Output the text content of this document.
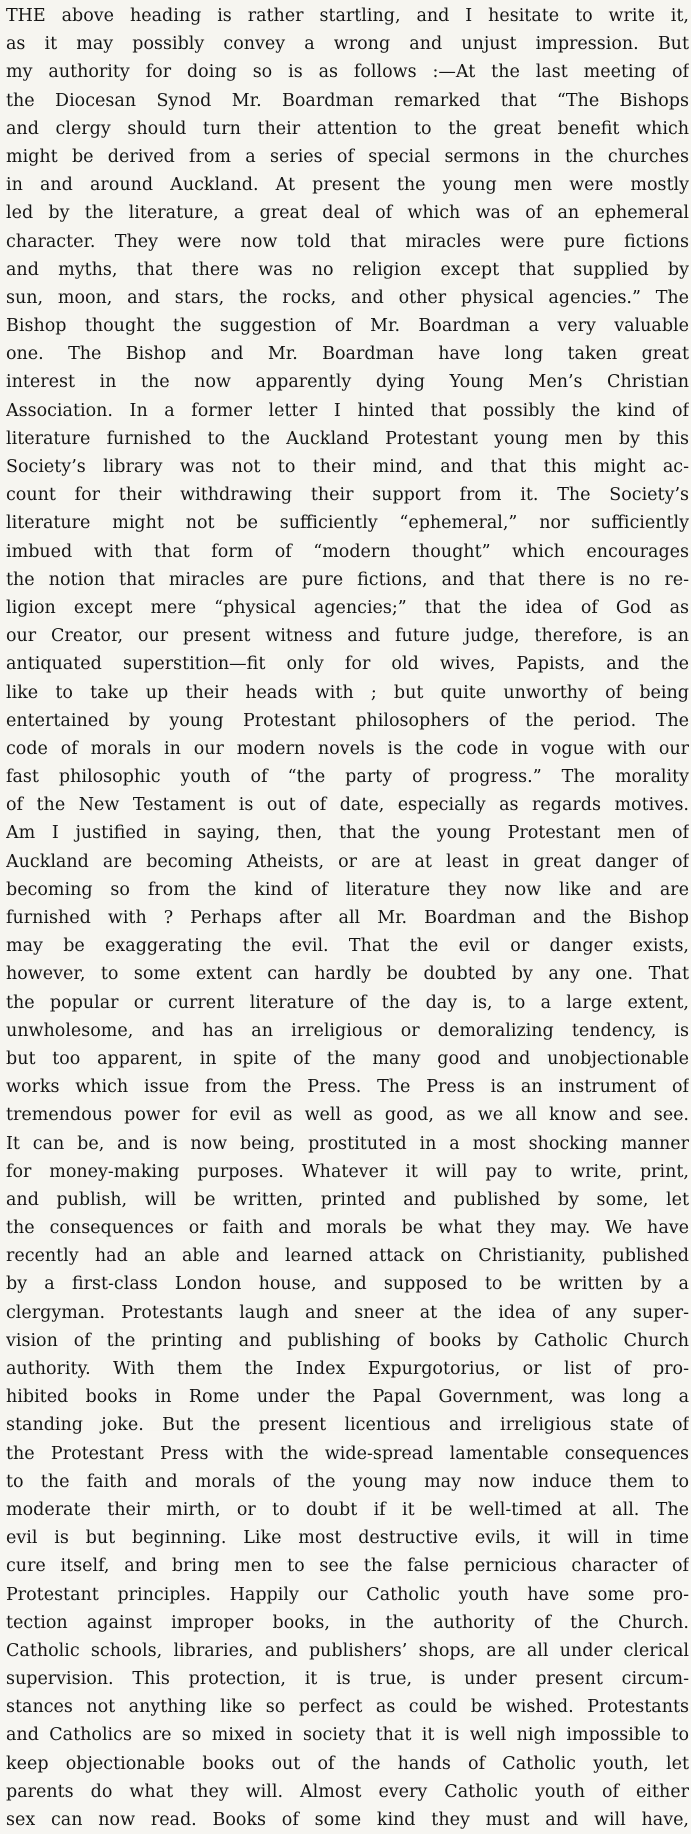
THE above heading is rather startling, and I hesitate to write it,
as it may possibly convey a wrong and unjust impression. But
my authority for doing so is as follows :—At the last meeting of
the Diocesan Synod Mr. Boardman remarked that “The Bishops
and clergy should turn their attention to the great benefit which
might be derived from a series of special sermons in the churches
in and around Auckland. At present the young men were mostly
led by the literature, a great deal of which was of an ephemeral
character. They were now told that miracles were pure fictions
and myths, that there was no religion except that supplied by
sun, moon, and stars, the rocks, and other physical agencies.” The
Bishop thought the suggestion of Mr. Boardman a very valuable
one. The Bishop and Mr. Boardman have long taken great
interest in the now apparently dying Young Men’s Christian
Association. In a former letter I hinted that possibly the kind of
literature furnished to the Auckland Protestant young men by this
Society’s library was not to their mind, and that this might ac-
count for their withdrawing their support from it. The Society’s
literature might not be sufficiently “ephemeral,” nor sufficiently
imbued with that form of “modern thought” which encourages
the notion that miracles are pure fictions, and that there is no re-
ligion except mere “physical agencies;” that the idea of God as
our Creator, our present witness and future judge, therefore, is an
antiquated superstition—fit only for old wives, Papists, and the
like to take up their heads with ; but quite unworthy of being
entertained by young Protestant philosophers of the period. The
code of morals in our modern novels is the code in vogue with our
fast philosophic youth of “the party of progress.” The morality
of the New Testament is out of date, especially as regards motives.
Am I justified in saying, then, that the young Protestant men of
Auckland are becoming Atheists, or are at least in great danger of
becoming so from the kind of literature they now like and are
furnished with ? Perhaps after all Mr. Boardman and the Bishop
may be exaggerating the evil. That the evil or danger exists,
however, to some extent can hardly be doubted by any one. That
the popular or current literature of the day is, to a large extent,
unwholesome, and has an irreligious or demoralizing tendency, is
but too apparent, in spite of the many good and unobjectionable
works which issue from the Press. The Press is an instrument of
tremendous power for evil as well as good, as we all know and see.
It can be, and is now being, prostituted in a most shocking manner
for money-making purposes. Whatever it will pay to write, print,
and publish, will be written, printed and published by some, let
the consequences or faith and morals be what they may. We have
recently had an able and learned attack on Christianity, published
by a first-class London house, and supposed to be written by a
clergyman. Protestants laugh and sneer at the idea of any super-
vision of the printing and publishing of books by Catholic Church
authority. With them the Index Expurgotorius, or list of pro-
hibited books in Rome under the Papal Government, was long a
standing joke. But the present licentious and irreligious state of
the Protestant Press with the wide-spread lamentable consequences
to the faith and morals of the young may now induce them to
moderate their mirth, or to doubt if it be well-timed at all. The
evil is but beginning. Like most destructive evils, it will in time
cure itself, and bring men to see the false pernicious character of
Protestant principles. Happily our Catholic youth have some pro-
tection against improper books, in the authority of the Church.
Catholic schools, libraries, and publishers’ shops, are all under clerical
supervision. This protection, it is true, is under present circum-
stances not anything like so perfect as could be wished. Protestants
and Catholics are so mixed in society that it is well nigh impossible to
keep objectionable books out of the hands of Catholic youth, let
parents do what they will. Almost every Catholic youth of either
sex can now read. Books of some kind they must and will have,
